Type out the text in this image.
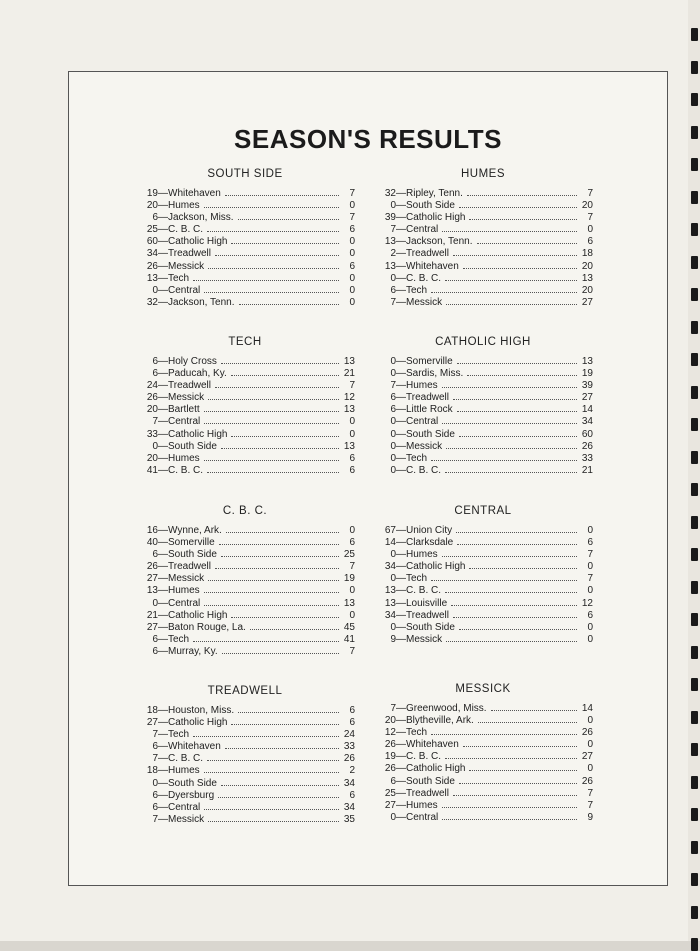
SEASON'S RESULTS
SOUTH SIDE
19 — Whitehaven	7
20 — Humes	0
6 — Jackson, Miss.	7
25 — C. B. C.	6
60 — Catholic High	0
34 — Treadwell	0
26 — Messick	6
13 — Tech	0
0 — Central	0
32 — Jackson, Tenn.	0
HUMES
32 — Ripley, Tenn.	7
0 — South Side	20
39 — Catholic High	7
7 — Central	0
13 — Jackson, Tenn.	6
2 — Treadwell	18
13 — Whitehaven	20
0 — C. B. C.	13
6 — Tech	20
7 — Messick	27
TECH
6 — Holy Cross	13
6 — Paducah, Ky.	21
24 — Treadwell	7
26 — Messick	12
20 — Bartlett	13
7 — Central	0
33 — Catholic High	0
0 — South Side	13
20 — Humes	6
41 — C. B. C.	6
CATHOLIC HIGH
0 — Somerville	13
0 — Sardis, Miss.	19
7 — Humes	39
6 — Treadwell	27
6 — Little Rock	14
0 — Central	34
0 — South Side	60
0 — Messick	26
0 — Tech	33
0 — C. B. C.	21
C. B. C.
16 — Wynne, Ark.	0
40 — Somerville	6
6 — South Side	25
26 — Treadwell	7
27 — Messick	19
13 — Humes	0
0 — Central	13
21 — Catholic High	0
27 — Baton Rouge, La.	45
6 — Tech	41
6 — Murray, Ky.	7
CENTRAL
67 — Union City	0
14 — Clarksdale	6
0 — Humes	7
34 — Catholic High	0
0 — Tech	7
13 — C. B. C.	0
13 — Louisville	12
34 — Treadwell	6
0 — South Side	0
9 — Messick	0
TREADWELL
18 — Houston, Miss.	6
27 — Catholic High	6
7 — Tech	24
6 — Whitehaven	33
7 — C. B. C.	26
18 — Humes	2
0 — South Side	34
6 — Dyersburg	6
6 — Central	34
7 — Messick	35
MESSICK
7 — Greenwood, Miss.	14
20 — Blytheville, Ark.	0
12 — Tech	26
26 — Whitehaven	0
19 — C. B. C.	27
26 — Catholic High	0
6 — South Side	26
25 — Treadwell	7
27 — Humes	7
0 — Central	9
